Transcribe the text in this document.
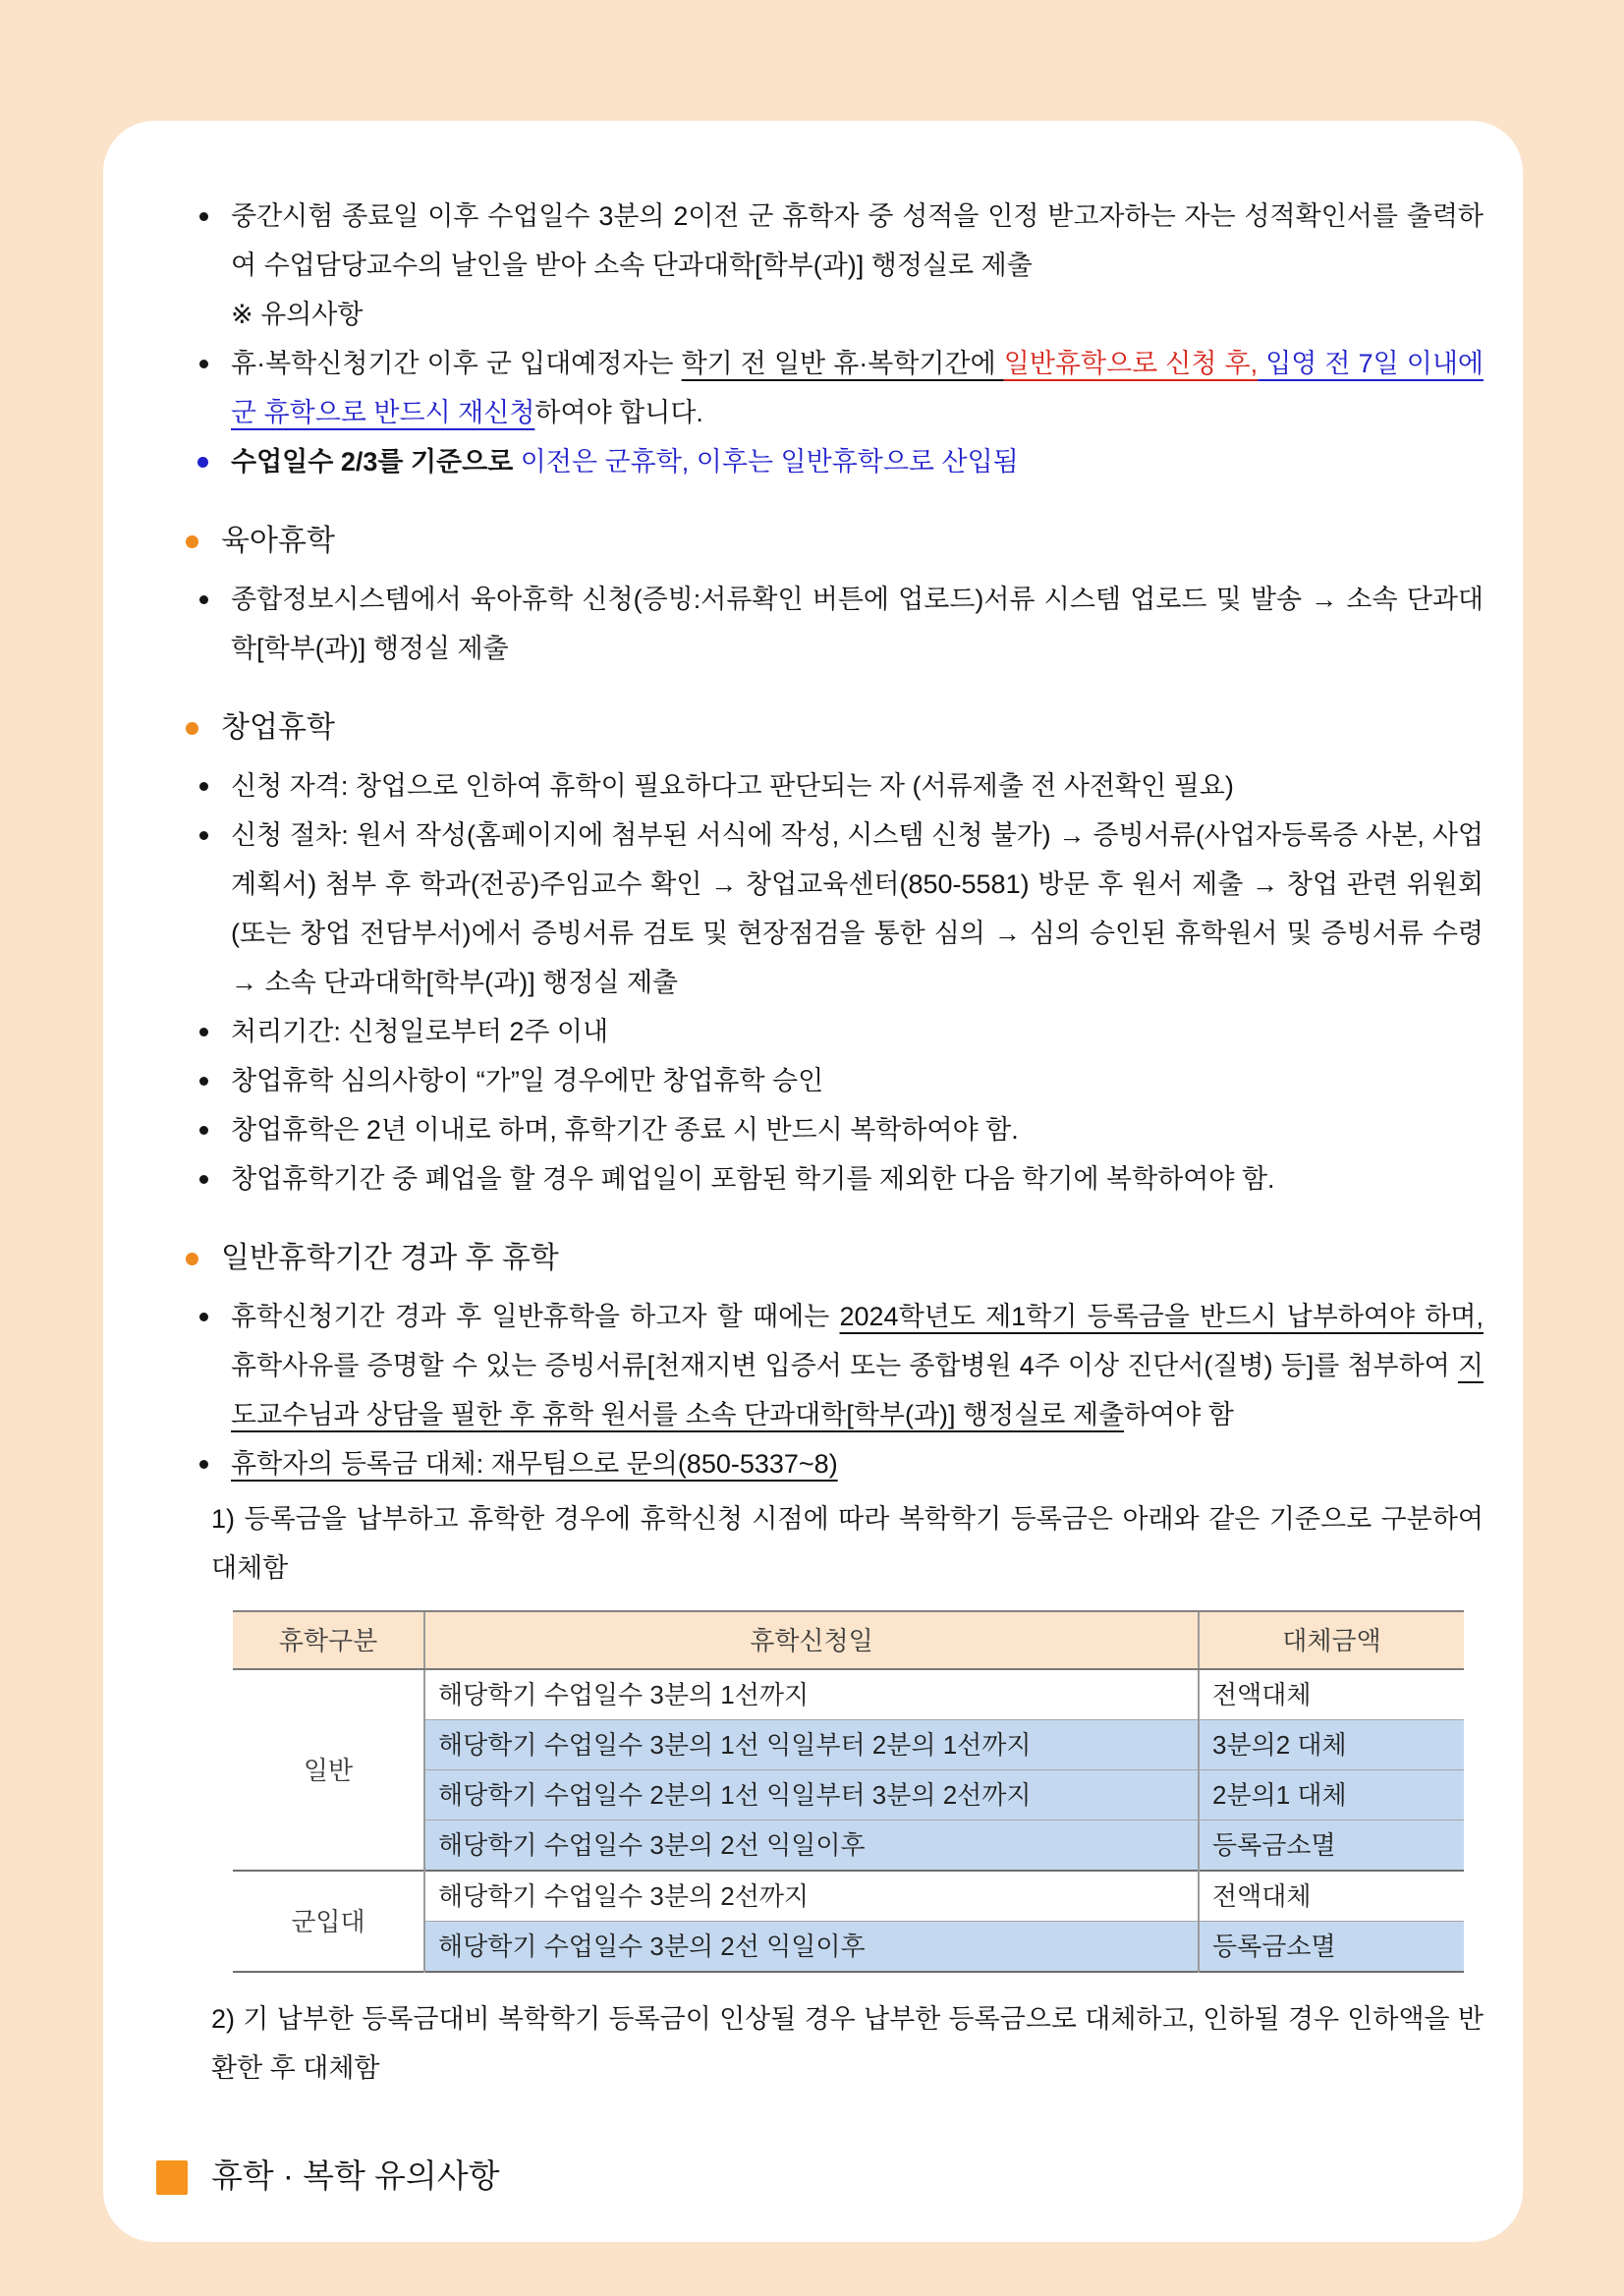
중간시험 종료일 이후 수업일수 3분의 2이전 군 휴학자 중 성적을 인정 받고자하는 자는 성적확인서를 출력하여 수업담당교수의 날인을 받아 소속 단과대학[학부(과)] 행정실로 제출

※ 유의사항

휴·복학신청기간 이후 군 입대예정자는 학기 전 일반 휴·복학기간에 일반휴학으로 신청 후, 입영 전 7일 이내에 군 휴학으로 반드시 재신청하여야 합니다.

수업일수 2/3를 기준으로 이전은 군휴학, 이후는 일반휴학으로 산입됨

육아휴학

종합정보시스템에서 육아휴학 신청(증빙:서류확인 버튼에 업로드)서류 시스템 업로드 및 발송 → 소속 단과대학[학부(과)] 행정실 제출

창업휴학

신청 자격: 창업으로 인하여 휴학이 필요하다고 판단되는 자 (서류제출 전 사전확인 필요)

신청 절차: 원서 작성(홈페이지에 첨부된 서식에 작성, 시스템 신청 불가) → 증빙서류(사업자등록증 사본, 사업계획서) 첨부 후 학과(전공)주임교수 확인 → 창업교육센터(850-5581) 방문 후 원서 제출 → 창업 관련 위원회(또는 창업 전담부서)에서 증빙서류 검토 및 현장점검을 통한 심의 → 심의 승인된 휴학원서 및 증빙서류 수령 → 소속 단과대학[학부(과)] 행정실 제출

처리기간: 신청일로부터 2주 이내

창업휴학 심의사항이 “가”일 경우에만 창업휴학 승인

창업휴학은 2년 이내로 하며, 휴학기간 종료 시 반드시 복학하여야 함.

창업휴학기간 중 폐업을 할 경우 폐업일이 포함된 학기를 제외한 다음 학기에 복학하여야 함.

일반휴학기간 경과 후 휴학

휴학신청기간 경과 후 일반휴학을 하고자 할 때에는 2024학년도 제1학기 등록금을 반드시 납부하여야 하며, 휴학사유를 증명할 수 있는 증빙서류[천재지변 입증서 또는 종합병원 4주 이상 진단서(질병) 등]를 첨부하여 지도교수님과 상담을 필한 후 휴학 원서를 소속 단과대학[학부(과)] 행정실로 제출하여야 함

휴학자의 등록금 대체: 재무팀으로 문의(850-5337~8)

1) 등록금을 납부하고 휴학한 경우에 휴학신청 시점에 따라 복학학기 등록금은 아래와 같은 기준으로 구분하여 대체함

휴학구분	휴학신청일	대체금액
일반	해당학기 수업일수 3분의 1선까지	전액대체
	해당학기 수업일수 3분의 1선 익일부터 2분의 1선까지	3분의2 대체
	해당학기 수업일수 2분의 1선 익일부터 3분의 2선까지	2분의1 대체
	해당학기 수업일수 3분의 2선 익일이후	등록금소멸
군입대	해당학기 수업일수 3분의 2선까지	전액대체
	해당학기 수업일수 3분의 2선 익일이후	등록금소멸

2) 기 납부한 등록금대비 복학학기 등록금이 인상될 경우 납부한 등록금으로 대체하고, 인하될 경우 인하액을 반환한 후 대체함

휴학 · 복학 유의사항
